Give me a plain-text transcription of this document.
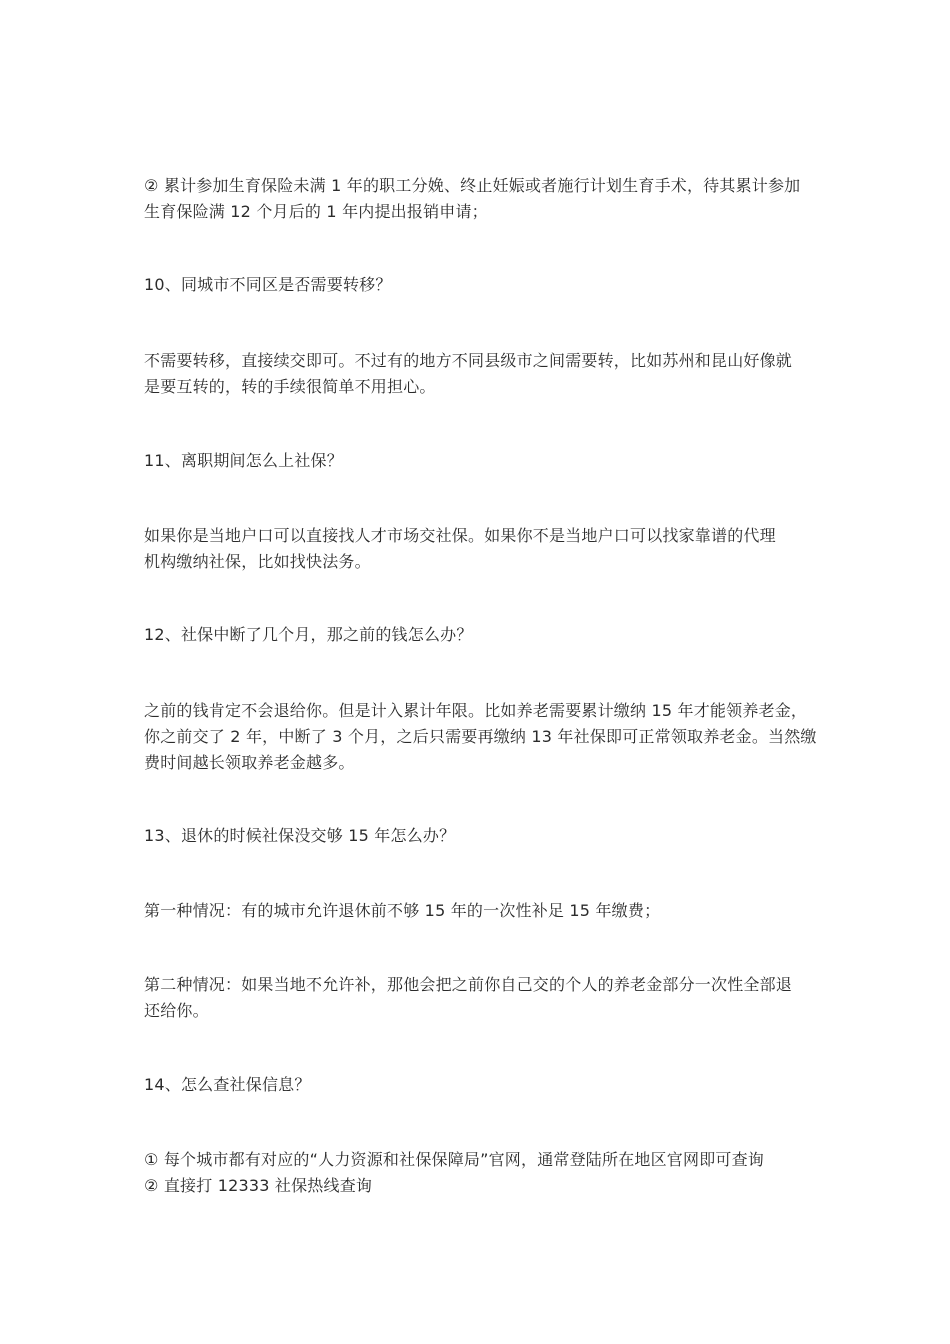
② 累计参加生育保险未满 1 年的职工分娩、终止妊娠或者施行计划生育手术，待其累计参加
生育保险满 12 个月后的 1 年内提出报销申请；

10、同城市不同区是否需要转移？

不需要转移，直接续交即可。不过有的地方不同县级市之间需要转，比如苏州和昆山好像就
是要互转的，转的手续很简单不用担心。

11、离职期间怎么上社保？

如果你是当地户口可以直接找人才市场交社保。如果你不是当地户口可以找家靠谱的代理
机构缴纳社保，比如找快法务。

12、社保中断了几个月，那之前的钱怎么办？

之前的钱肯定不会退给你。但是计入累计年限。比如养老需要累计缴纳 15 年才能领养老金，
你之前交了 2 年，中断了 3 个月，之后只需要再缴纳 13 年社保即可正常领取养老金。当然缴
费时间越长领取养老金越多。

13、退休的时候社保没交够 15 年怎么办？

第一种情况：有的城市允许退休前不够 15 年的一次性补足 15 年缴费；

第二种情况：如果当地不允许补，那他会把之前你自己交的个人的养老金部分一次性全部退
还给你。

14、怎么查社保信息？

① 每个城市都有对应的“人力资源和社保保障局”官网，通常登陆所在地区官网即可查询
② 直接打 12333 社保热线查询
